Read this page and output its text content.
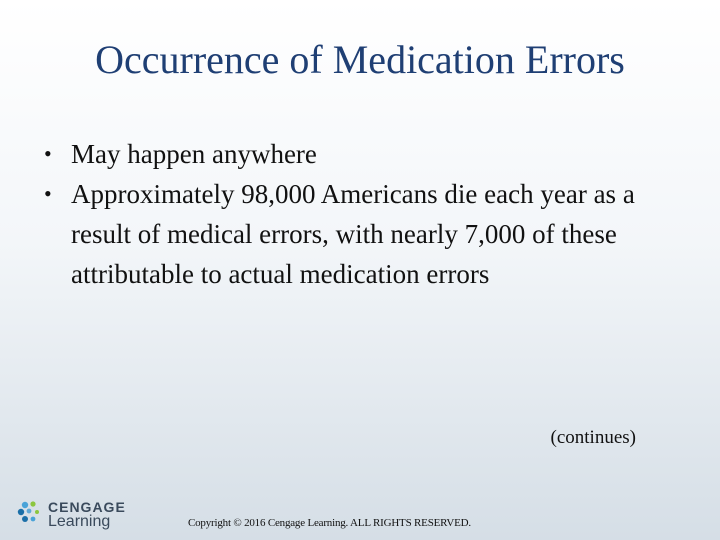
Occurrence of Medication Errors
• May happen anywhere
• Approximately 98,000 Americans die each year as a result of medical errors, with nearly 7,000 of these attributable to actual medication errors
(continues)
CENGAGE
Learning	Copyright © 2016 Cengage Learning. ALL RIGHTS RESERVED.
